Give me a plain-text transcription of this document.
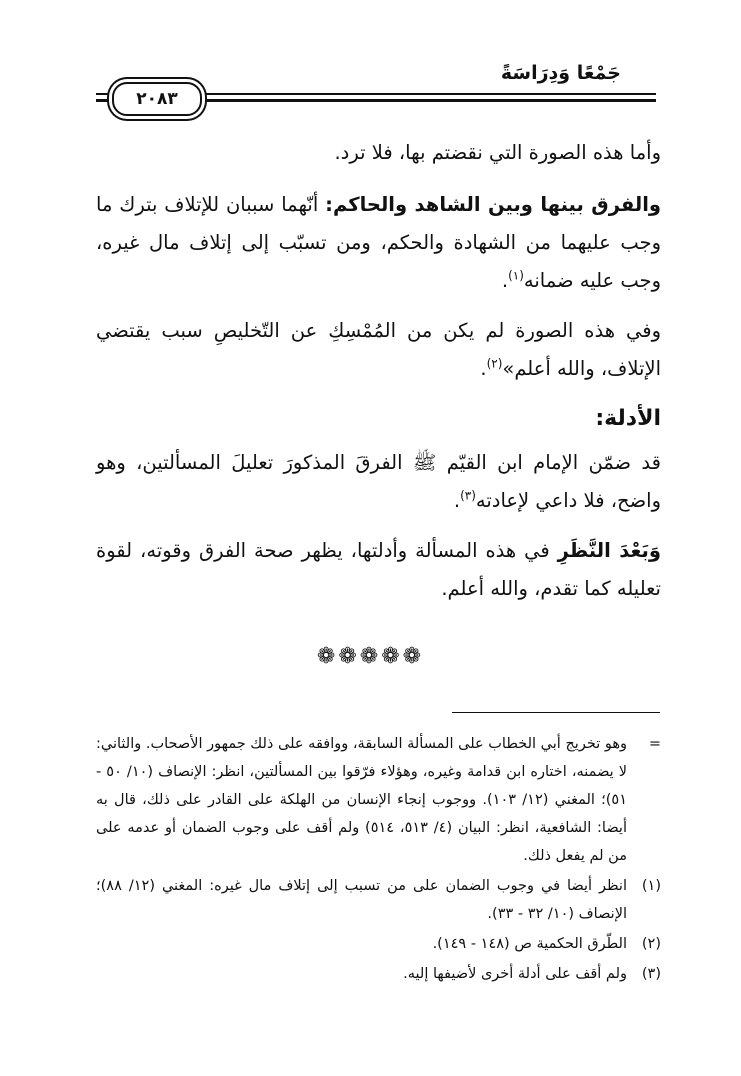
جَمْعًا وَدِرَاسَةً
٢٠٨٣

وأما هذه الصورة التي نقضتم بها، فلا ترد.

والفرق بينها وبين الشاهد والحاكم: أنّهما سببان للإتلاف بترك ما وجب عليهما من الشهادة والحكم، ومن تسبّب إلى إتلاف مال غيره، وجب عليه ضمانه$^{(١)}$.

وفي هذه الصورة لم يكن من المُمْسِكِ عن التّخليصِ سبب يقتضي الإتلاف، والله أعلم»$^{(٢)}$.

الأدلة:

قد ضمّن الإمام ابن القيّم ﷺ الفرقَ المذكورَ تعليلَ المسألتين، وهو واضح، فلا داعي لإعادته$^{(٣)}$.

وَبَعْدَ النَّظَرِ في هذه المسألة وأدلتها، يظهر صحة الفرق وقوته، لقوة تعليله كما تقدم، والله أعلم.

❁❁❁❁❁
=
وهو تخريج أبي الخطاب على المسألة السابقة، ووافقه على ذلك جمهور الأصحاب. والثاني: لا يضمنه، اختاره ابن قدامة وغيره، وهؤلاء فرّقوا بين المسألتين، انظر: الإنصاف (١٠/ ٥٠ - ٥١)؛ المغني (١٢/ ١٠٣). ووجوب إنجاء الإنسان من الهلكة على القادر على ذلك، قال به أيضا: الشافعية، انظر: البيان (٤/ ٥١٣، ٥١٤) ولم أقف على وجوب الضمان أو عدمه على من لم يفعل ذلك.
(١)
انظر أيضا في وجوب الضمان على من تسبب إلى إتلاف مال غيره: المغني (١٢/ ٨٨)؛ الإنصاف (١٠/ ٣٢ - ٣٣).
(٢)
الطّرق الحكمية ص (١٤٨ - ١٤٩).
(٣)
ولم أقف على أدلة أخرى لأضيفها إليه.
